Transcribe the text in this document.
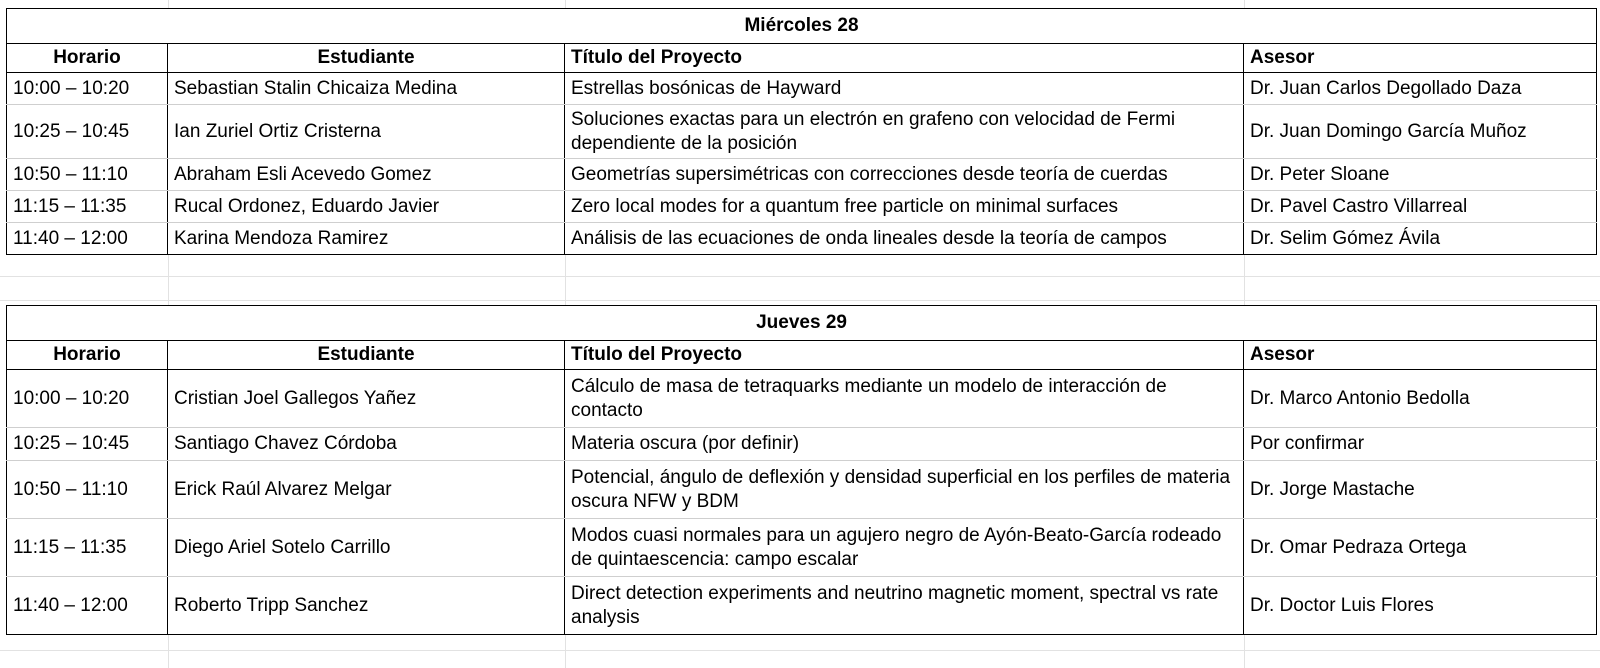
Miércoles 28			
Horario	Estudiante	Título del Proyecto	Asesor
10:00 – 10:20	Sebastian Stalin Chicaiza Medina	Estrellas bosónicas de Hayward	Dr. Juan Carlos Degollado Daza
10:25 – 10:45	Ian Zuriel Ortiz Cristerna	Soluciones exactas para un electrón en grafeno con velocidad de Fermi dependiente de la posición	Dr. Juan Domingo García Muñoz
10:50 – 11:10	Abraham Esli Acevedo Gomez	Geometrías supersimétricas con correcciones desde teoría de cuerdas	Dr. Peter Sloane
11:15 – 11:35	Rucal Ordonez, Eduardo Javier	Zero local modes for a quantum free particle on minimal surfaces	Dr. Pavel Castro Villarreal
11:40 – 12:00	Karina Mendoza Ramirez	Análisis de las ecuaciones de onda lineales desde la teoría de campos	Dr. Selim Gómez Ávila
Jueves 29			
Horario	Estudiante	Título del Proyecto	Asesor
10:00 – 10:20	Cristian Joel Gallegos Yañez	Cálculo de masa de tetraquarks mediante un modelo de interacción de contacto	Dr. Marco Antonio Bedolla
10:25 – 10:45	Santiago Chavez Córdoba	Materia oscura (por definir)	Por confirmar
10:50 – 11:10	Erick Raúl Alvarez Melgar	Potencial, ángulo de deflexión y densidad superficial en los perfiles de materia oscura NFW y BDM	Dr. Jorge Mastache
11:15 – 11:35	Diego Ariel Sotelo Carrillo	Modos cuasi normales para un agujero negro de Ayón-Beato-García rodeado de quintaescencia: campo escalar	Dr. Omar Pedraza Ortega
11:40 – 12:00	Roberto Tripp Sanchez	Direct detection experiments and neutrino magnetic moment, spectral vs rate analysis	Dr. Doctor Luis Flores
